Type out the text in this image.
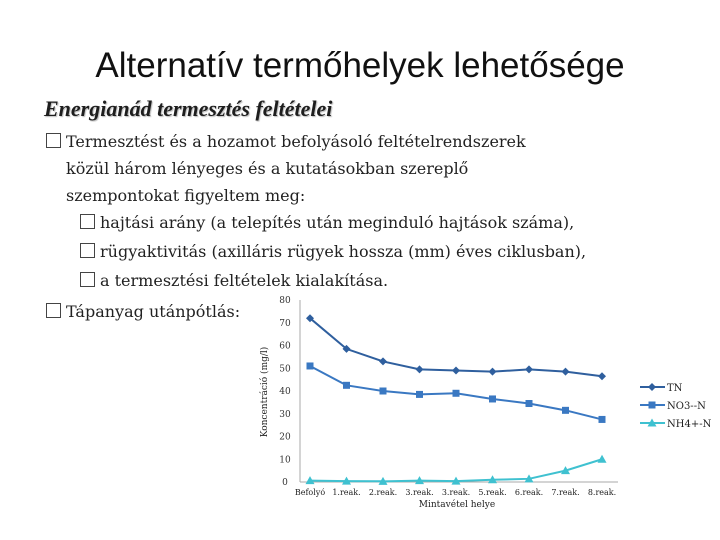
Alternatív termőhelyek lehetősége
Energianád termesztés feltételei
Termesztést és a hozamot befolyásoló feltételrendszerek
közül három lényeges és a kutatásokban szereplő
szempontokat figyeltem meg:
hajtási arány (a telepítés után meginduló hajtások száma),
rügyaktivitás (axilláris rügyek hossza (mm) éves ciklusban),
a termesztési feltételek kialakítása.
Tápanyag utánpótlás:
0
10
20
30
40
50
60
70
80
Befolyó 1.reak. 2.reak. 3.reak. 3.reak. 5.reak. 6.reak. 7.reak. 8.reak.
TN
NO3--N
NH4+-N
Koncentráció (mg/l)
Mintavétel helye
